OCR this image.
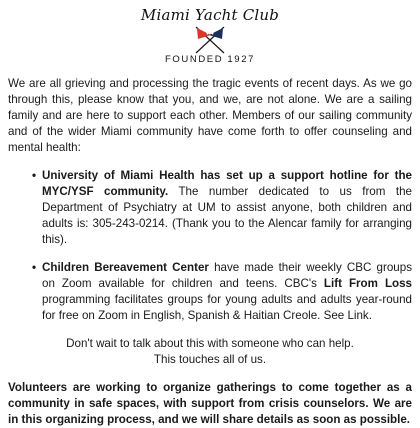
Miami Yacht Club
FOUNDED 1927

We are all grieving and processing the tragic events of recent days. As we go through this, please know that you, and we, are not alone. We are a sailing family and are here to support each other. Members of our sailing community and of the wider Miami community have come forth to offer counseling and mental health:

• University of Miami Health has set up a support hotline for the MYC/YSF community. The number dedicated to us from the Department of Psychiatry at UM to assist anyone, both children and adults is: 305-243-0214. (Thank you to the Alencar family for arranging this).
• Children Bereavement Center have made their weekly CBC groups on Zoom available for children and teens. CBC's Lift From Loss programming facilitates groups for young adults and adults year-round for free on Zoom in English, Spanish & Haitian Creole. See Link.

Don't wait to talk about this with someone who can help.
This touches all of us.

Volunteers are working to organize gatherings to come together as a community in safe spaces, with support from crisis counselors. We are in this organizing process, and we will share details as soon as possible.
